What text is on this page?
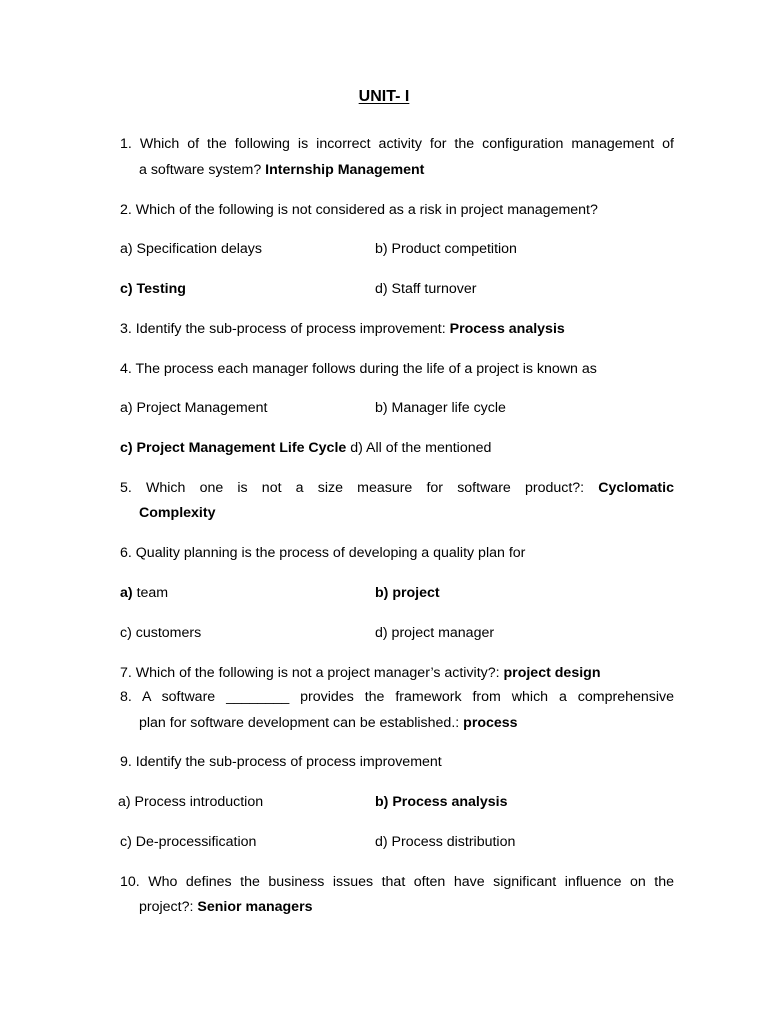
UNIT- I
1. Which of the following is incorrect activity for the configuration management of
a software system? Internship Management
2. Which of the following is not considered as a risk in project management?
a) Specification delays	b) Product competition
c) Testing	d) Staff turnover
3. Identify the sub-process of process improvement: Process analysis
4. The process each manager follows during the life of a project is known as
a) Project Management	b) Manager life cycle
c) Project Management Life Cycle d) All of the mentioned
5. Which one is not a size measure for software product?: Cyclomatic
Complexity
6. Quality planning is the process of developing a quality plan for
a) team	b) project
c) customers	d) project manager
7. Which of the following is not a project manager’s activity?: project design
8. A software ________ provides the framework from which a comprehensive
plan for software development can be established.: process
9. Identify the sub-process of process improvement
a) Process introduction	b) Process analysis
c) De-processification	d) Process distribution
10. Who defines the business issues that often have significant influence on the
project?: Senior managers
